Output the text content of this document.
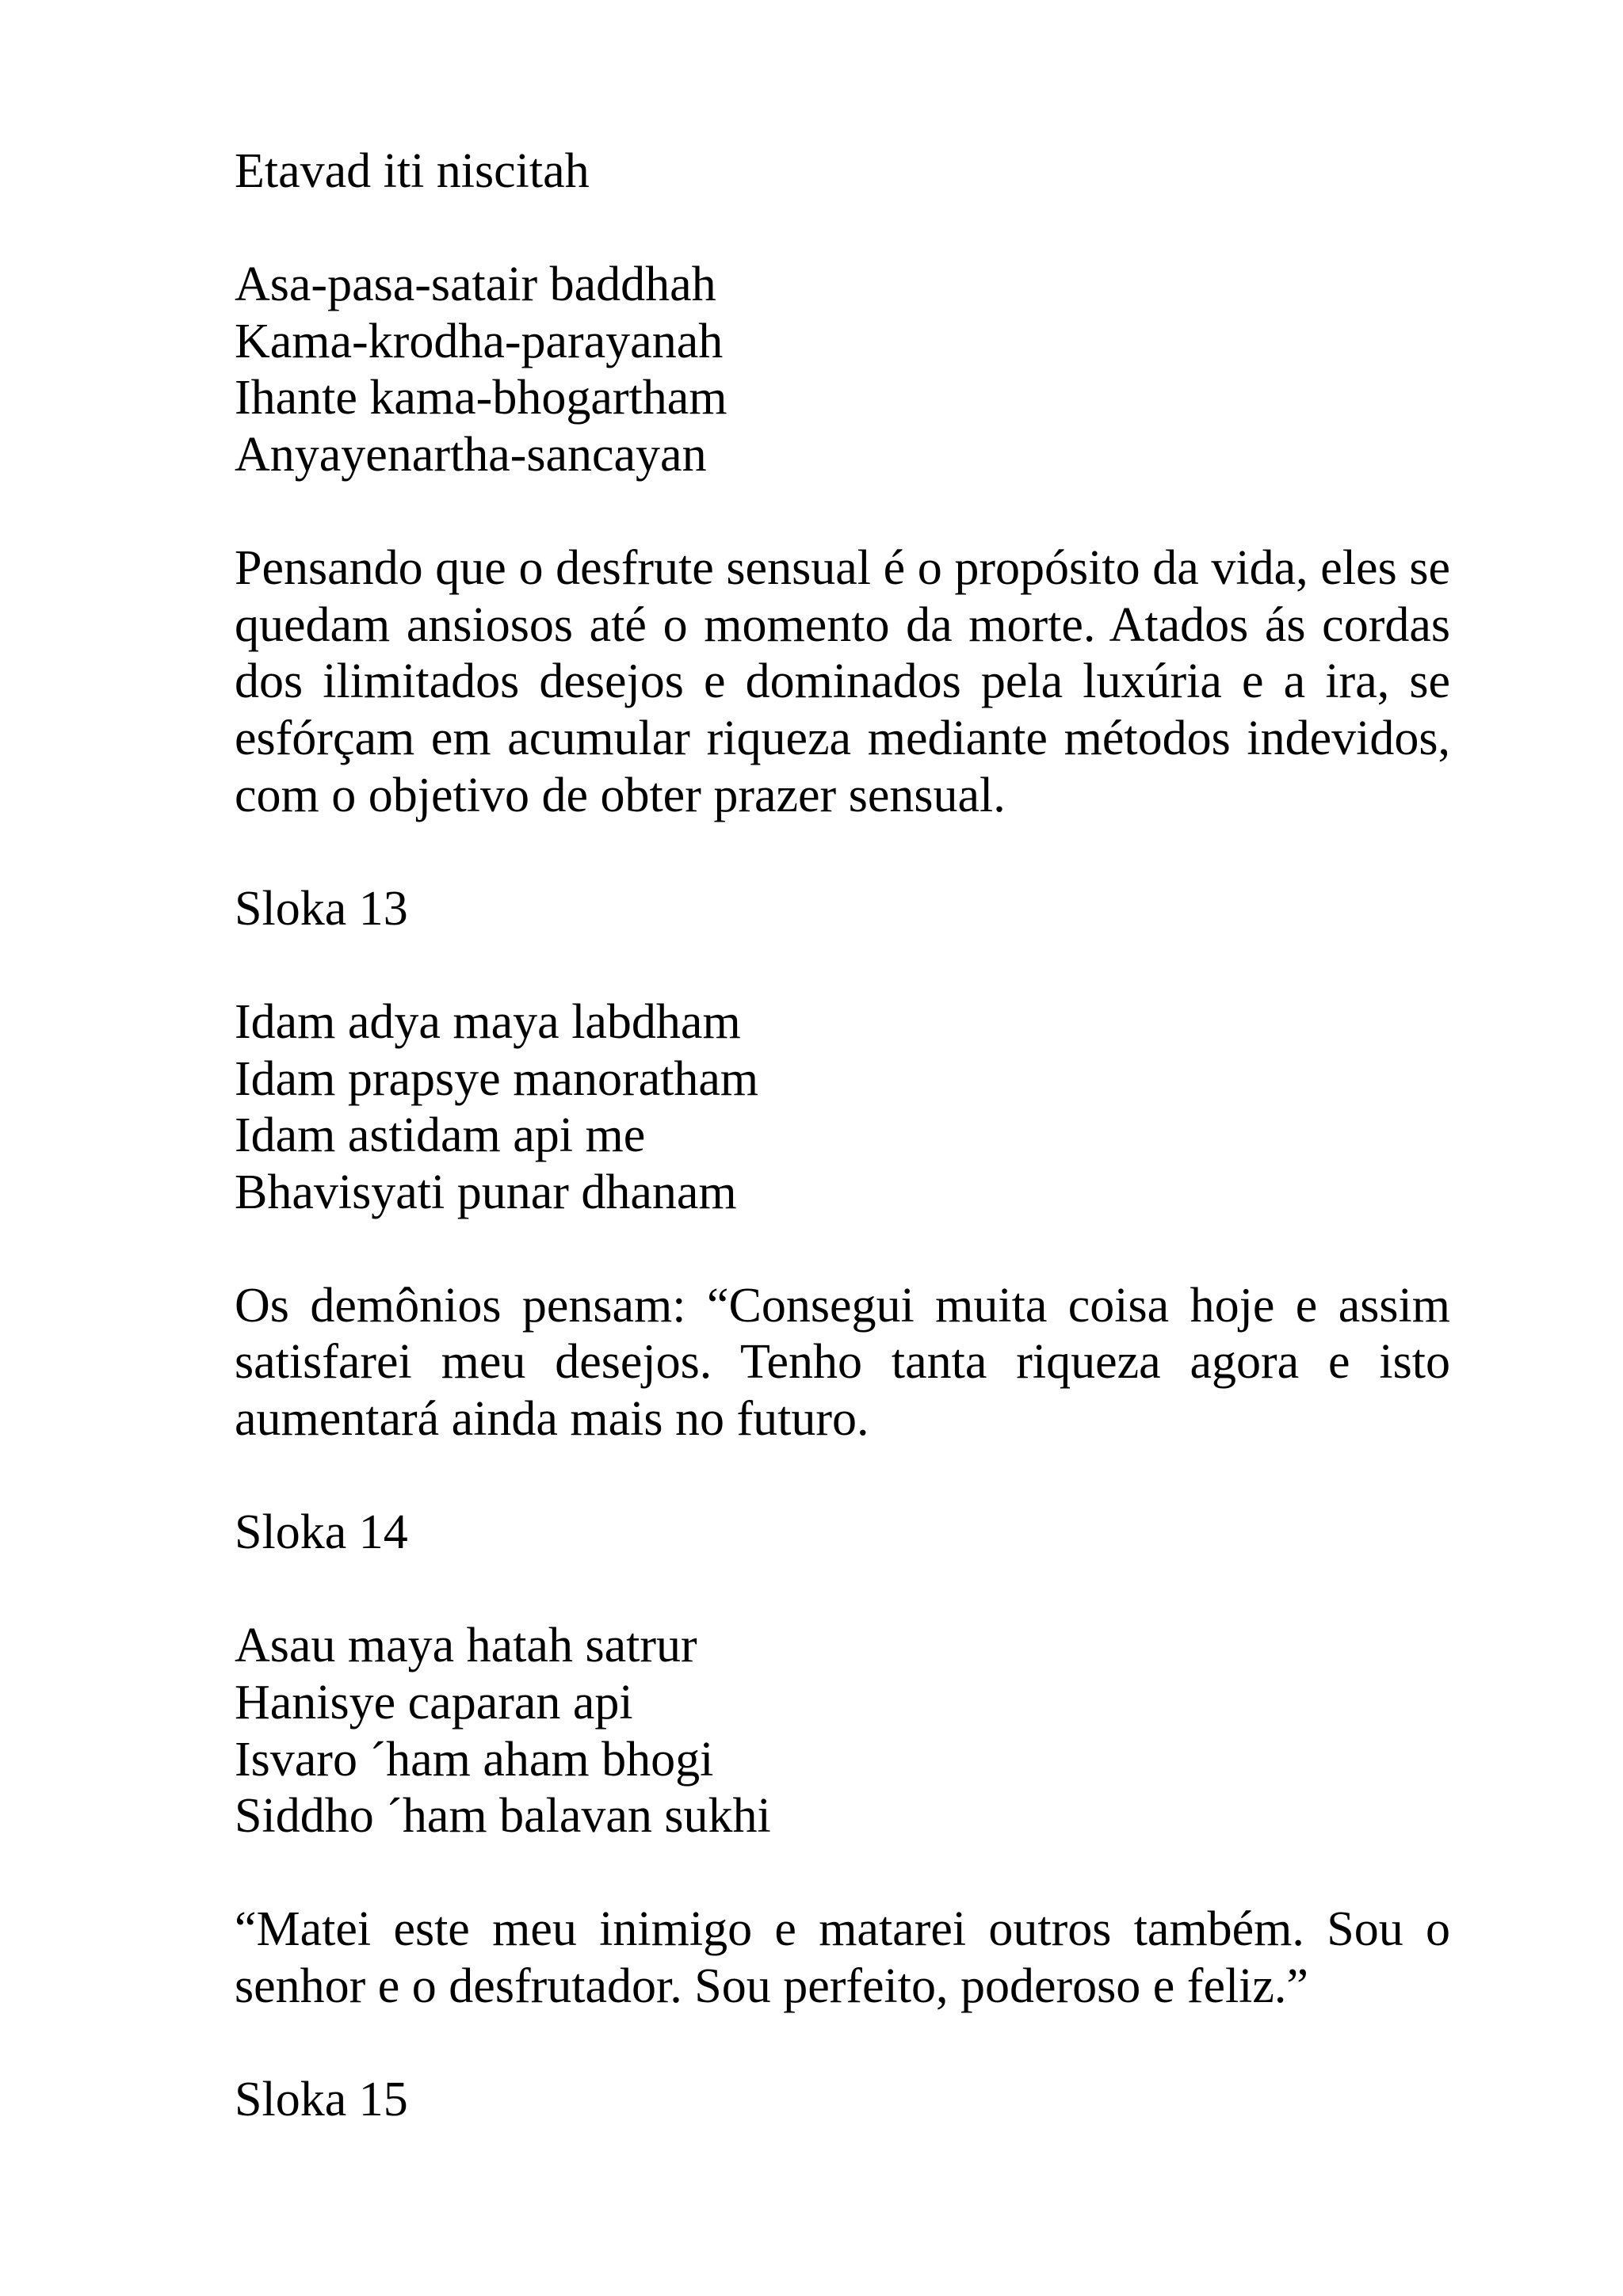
Etavad iti niscitah
Asa-pasa-satair baddhah
Kama-krodha-parayanah
Ihante kama-bhogartham
Anyayenartha-sancayan
Pensando que o desfrute sensual é o propósito da vida, eles se quedam ansiosos até o momento da morte. Atados ás cordas dos ilimitados desejos e dominados pela luxúria e a ira, se esfórçam em acumular riqueza mediante métodos indevidos, com o objetivo de obter prazer sensual.
Sloka 13
Idam adya maya labdham
Idam prapsye manoratham
Idam astidam api me
Bhavisyati punar dhanam
Os demônios pensam: “Consegui muita coisa hoje e assim satisfarei meu desejos. Tenho tanta riqueza agora e isto aumentará ainda mais no futuro.
Sloka 14
Asau maya hatah satrur
Hanisye caparan api
Isvaro ´ham aham bhogi
Siddho ´ham balavan sukhi
“Matei este meu inimigo e matarei outros também. Sou o senhor e o desfrutador. Sou perfeito, poderoso e feliz.”
Sloka 15
